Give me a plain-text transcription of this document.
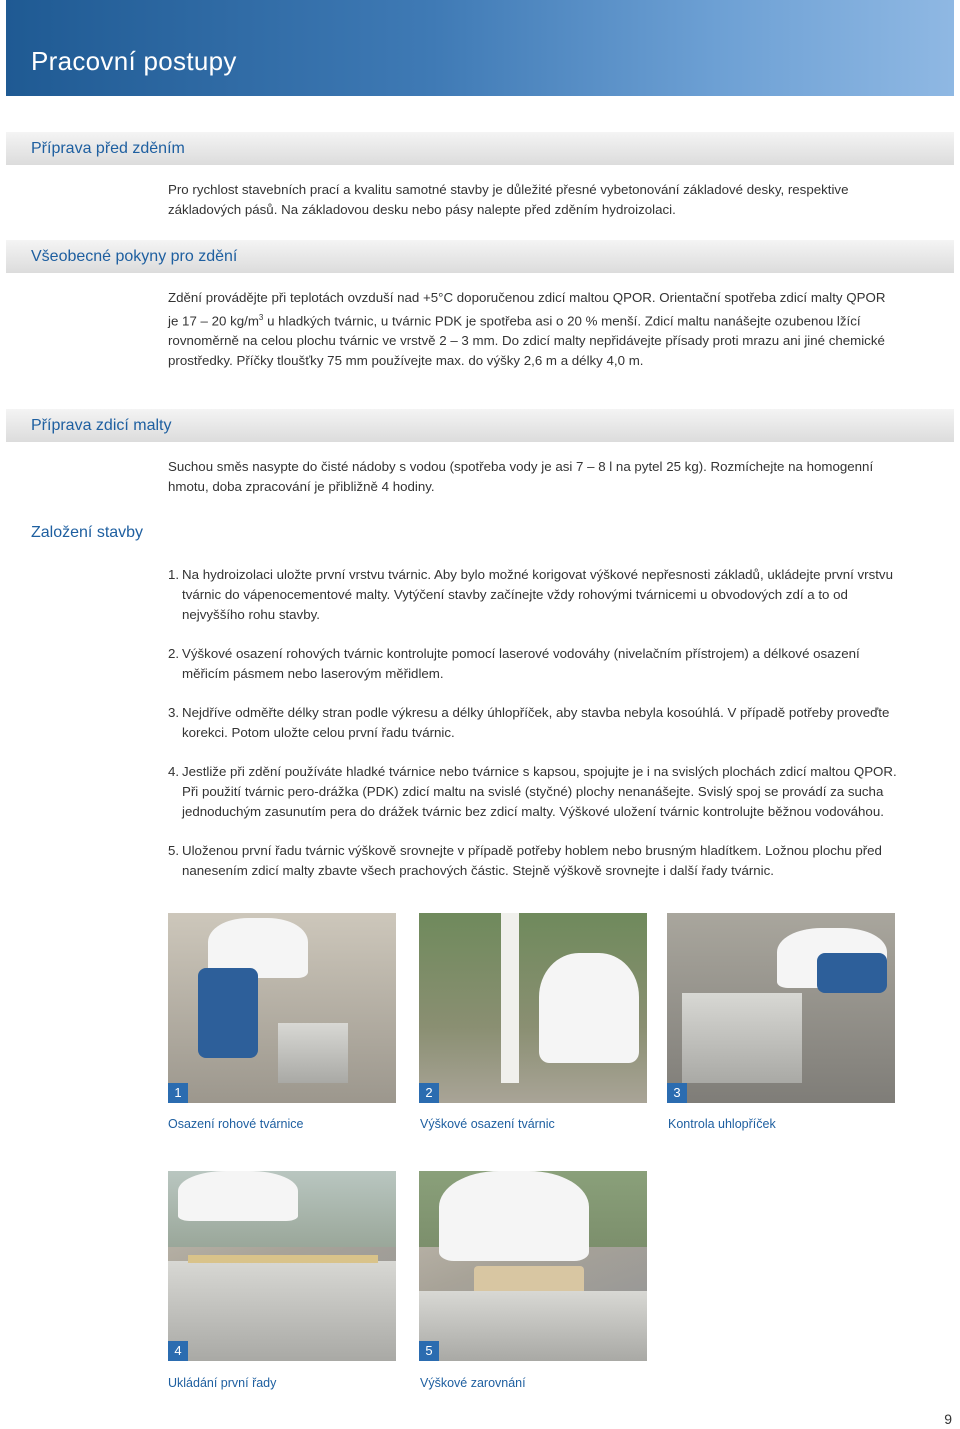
Pracovní postupy
Příprava před zděním

Pro rychlost stavebních prací a kvalitu samotné stavby je důležité přesné vybetonování základové desky, respektive základových pásů. Na základovou desku nebo pásy nalepte před zděním hydroizolaci.

Všeobecné pokyny pro zdění

Zdění provádějte při teplotách ovzduší nad +5°C doporučenou zdicí maltou QPOR. Orientační spotřeba zdicí malty QPOR je 17 – 20 $kg/m^3$ u hladkých tvárnic, u tvárnic PDK je spotřeba asi o 20 % menší. Zdicí maltu nanášejte ozubenou lžící rovnoměrně na celou plochu tvárnic ve vrstvě 2 – 3 mm. Do zdicí malty nepřidávejte přísady proti mrazu ani jiné chemické prostředky. Příčky tloušťky 75 mm používejte max. do výšky 2,6 m a délky 4,0 m.

Příprava zdicí malty

Suchou směs nasypte do čisté nádoby s vodou (spotřeba vody je asi 7 – 8 l na pytel 25 kg). Rozmíchejte na homogenní hmotu, doba zpracování je přibližně 4 hodiny.

Založení stavby
1. Na hydroizolaci uložte první vrstvu tvárnic. Aby bylo možné korigovat výškové nepřesnosti základů, ukládejte první vrstvu tvárnic do vápenocementové malty. Vytýčení stavby začínejte vždy rohovými tvárnicemi u obvodových zdí a to od nejvyššího rohu stavby.
2. Výškové osazení rohových tvárnic kontrolujte pomocí laserové vodováhy (nivelačním přístrojem) a délkové osazení měřicím pásmem nebo laserovým měřidlem.
3. Nejdříve odměřte délky stran podle výkresu a délky úhlopříček, aby stavba nebyla kosoúhlá. V případě potřeby proveďte korekci. Potom uložte celou první řadu tvárnic.
4. Jestliže při zdění používáte hladké tvárnice nebo tvárnice s kapsou, spojujte je i na svislých plochách zdicí maltou QPOR. Při použití tvárnic pero-drážka (PDK) zdicí maltu na svislé (styčné) plochy nenanášejte. Svislý spoj se provádí za sucha jednoduchým zasunutím pera do drážek tvárnic bez zdicí malty. Výškové uložení tvárnic kontrolujte běžnou vodováhou.
5. Uloženou první řadu tvárnic výškově srovnejte v případě potřeby hoblem nebo brusným hladítkem. Ložnou plochu před nanesením zdicí malty zbavte všech prachových částic. Stejně výškově srovnejte i další řady tvárnic.
1
Osazení rohové tvárnice
2
Výškové osazení tvárnic
3
Kontrola uhlopříček
4
Ukládání první řady
5
Výškové zarovnání
9
